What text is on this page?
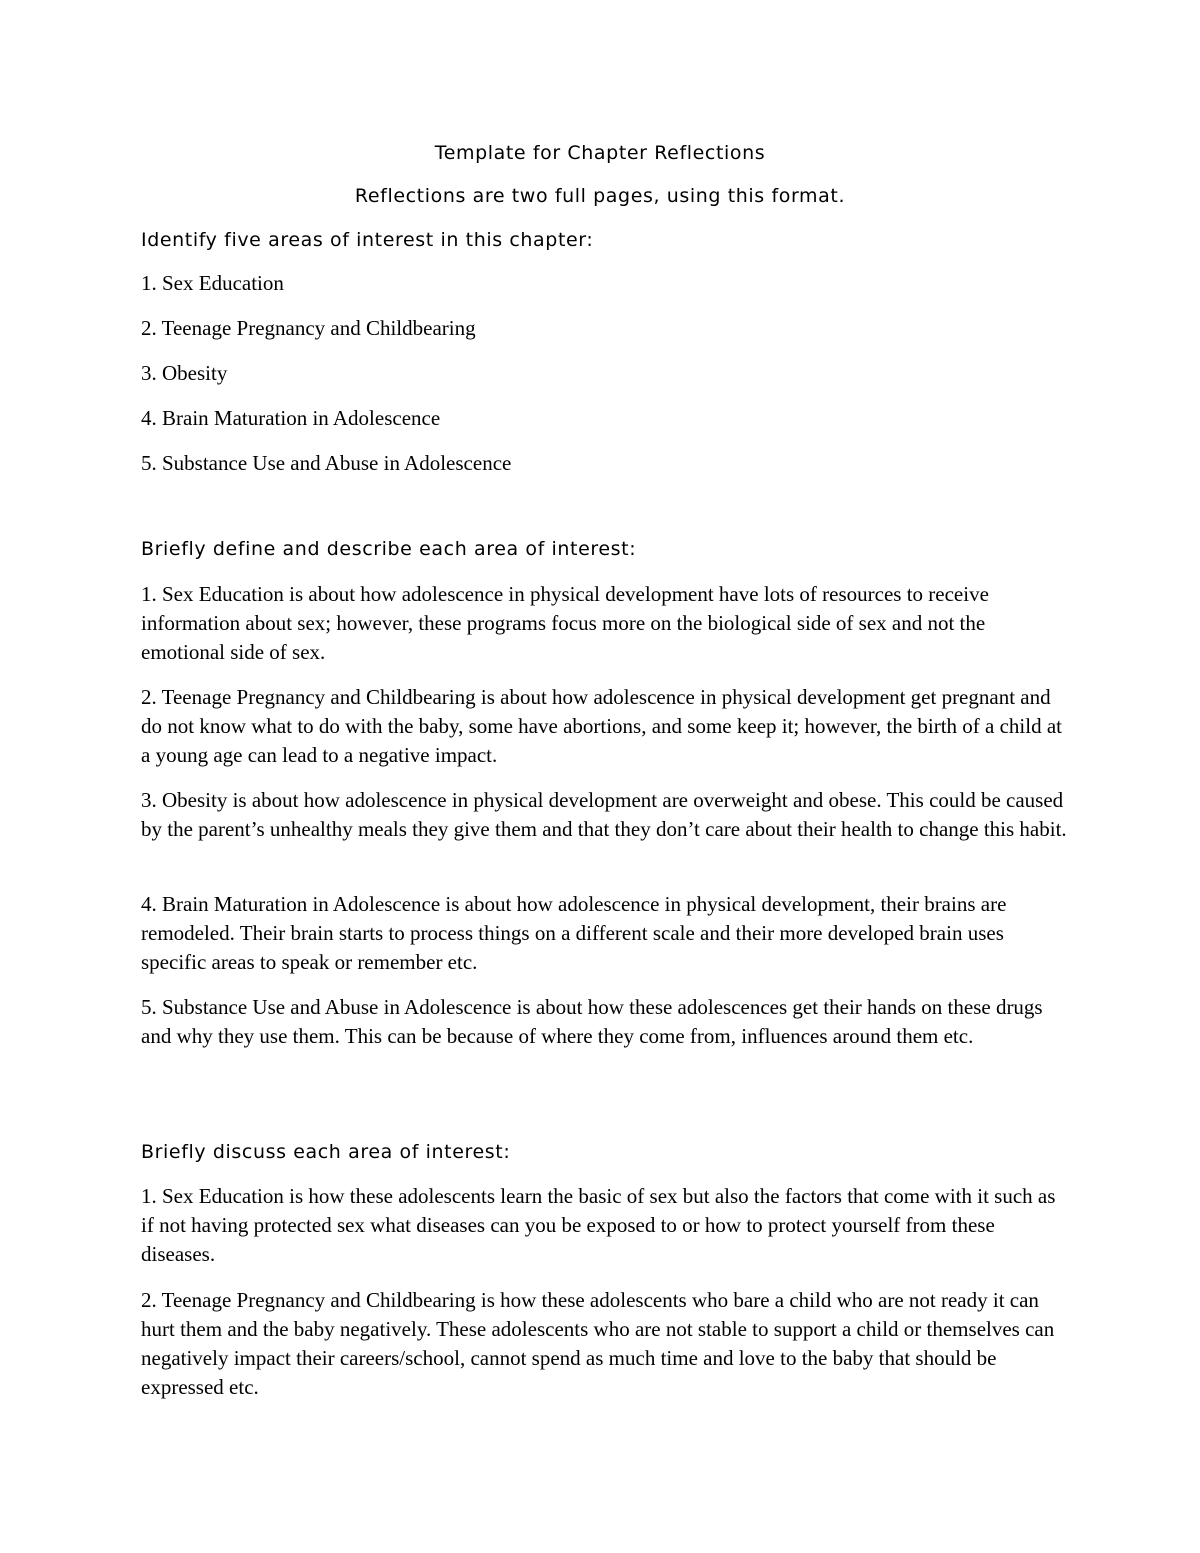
Template for Chapter Reflections

Reflections are two full pages, using this format.

Identify five areas of interest in this chapter:

1. Sex Education

2. Teenage Pregnancy and Childbearing

3. Obesity

4. Brain Maturation in Adolescence

5. Substance Use and Abuse in Adolescence

Briefly define and describe each area of interest:

1. Sex Education is about how adolescence in physical development have lots of resources to receive information about sex; however, these programs focus more on the biological side of sex and not the emotional side of sex.

2. Teenage Pregnancy and Childbearing is about how adolescence in physical development get pregnant and do not know what to do with the baby, some have abortions, and some keep it; however, the birth of a child at a young age can lead to a negative impact.

3. Obesity is about how adolescence in physical development are overweight and obese. This could be caused by the parent’s unhealthy meals they give them and that they don’t care about their health to change this habit.

4. Brain Maturation in Adolescence is about how adolescence in physical development, their brains are remodeled. Their brain starts to process things on a different scale and their more developed brain uses specific areas to speak or remember etc.

5. Substance Use and Abuse in Adolescence is about how these adolescences get their hands on these drugs and why they use them. This can be because of where they come from, influences around them etc.

Briefly discuss each area of interest:

1. Sex Education is how these adolescents learn the basic of sex but also the factors that come with it such as if not having protected sex what diseases can you be exposed to or how to protect yourself from these diseases.

2. Teenage Pregnancy and Childbearing is how these adolescents who bare a child who are not ready it can hurt them and the baby negatively. These adolescents who are not stable to support a child or themselves can negatively impact their careers/school, cannot spend as much time and love to the baby that should be expressed etc.
